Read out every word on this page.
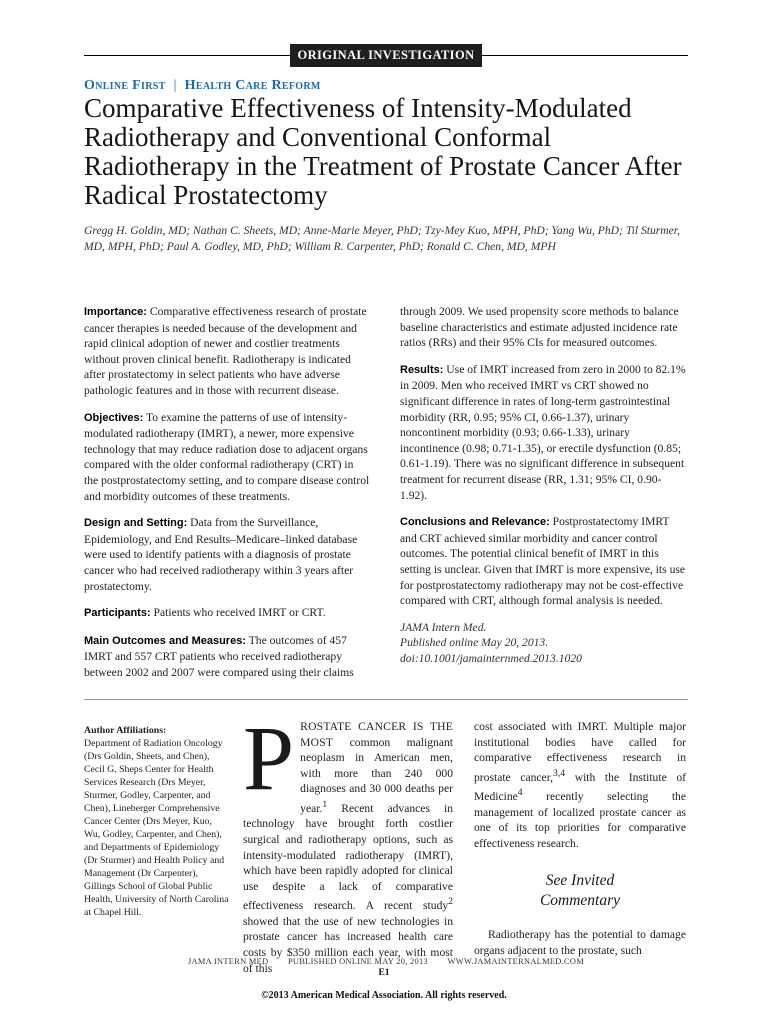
ORIGINAL INVESTIGATION
Online First | Health Care Reform
Comparative Effectiveness of Intensity-Modulated Radiotherapy and Conventional Conformal Radiotherapy in the Treatment of Prostate Cancer After Radical Prostatectomy

Gregg H. Goldin, MD; Nathan C. Sheets, MD; Anne-Marie Meyer, PhD; Tzy-Mey Kuo, MPH, PhD; Yang Wu, PhD; Til Sturmer, MD, MPH, PhD; Paul A. Godley, MD, PhD; William R. Carpenter, PhD; Ronald C. Chen, MD, MPH

Importance: Comparative effectiveness research of prostate cancer therapies is needed because of the development and rapid clinical adoption of newer and costlier treatments without proven clinical benefit. Radiotherapy is indicated after prostatectomy in select patients who have adverse pathologic features and in those with recurrent disease.

Objectives: To examine the patterns of use of intensity-modulated radiotherapy (IMRT), a newer, more expensive technology that may reduce radiation dose to adjacent organs compared with the older conformal radiotherapy (CRT) in the postprostatectomy setting, and to compare disease control and morbidity outcomes of these treatments.

Design and Setting: Data from the Surveillance, Epidemiology, and End Results–Medicare–linked database were used to identify patients with a diagnosis of prostate cancer who had received radiotherapy within 3 years after prostatectomy.

Participants: Patients who received IMRT or CRT.

Main Outcomes and Measures: The outcomes of 457 IMRT and 557 CRT patients who received radiotherapy between 2002 and 2007 were compared using their claims

through 2009. We used propensity score methods to balance baseline characteristics and estimate adjusted incidence rate ratios (RRs) and their 95% CIs for measured outcomes.

Results: Use of IMRT increased from zero in 2000 to 82.1% in 2009. Men who received IMRT vs CRT showed no significant difference in rates of long-term gastrointestinal morbidity (RR, 0.95; 95% CI, 0.66-1.37), urinary noncontinent morbidity (0.93; 0.66-1.33), urinary incontinence (0.98; 0.71-1.35), or erectile dysfunction (0.85; 0.61-1.19). There was no significant difference in subsequent treatment for recurrent disease (RR, 1.31; 95% CI, 0.90-1.92).

Conclusions and Relevance: Postprostatectomy IMRT and CRT achieved similar morbidity and cancer control outcomes. The potential clinical benefit of IMRT in this setting is unclear. Given that IMRT is more expensive, its use for postprostatectomy radiotherapy may not be cost-effective compared with CRT, although formal analysis is needed.

JAMA Intern Med.
Published online May 20, 2013.
doi:10.1001/jamainternmed.2013.1020

Author Affiliations:
Department of Radiation Oncology (Drs Goldin, Sheets, and Chen), Cecil G. Sheps Center for Health Services Research (Drs Meyer, Sturmer, Godley, Carpenter, and Chen), Lineberger Comprehensive Cancer Center (Drs Meyer, Kuo, Wu, Godley, Carpenter, and Chen), and Departments of Epidemiology (Dr Sturmer) and Health Policy and Management (Dr Carpenter), Gillings School of Global Public Health, University of North Carolina at Chapel Hill.
PROSTATE CANCER IS THE MOST common malignant neoplasm in American men, with more than 240 000 diagnoses and 30 000 deaths per year.$^1$ Recent advances in technology have brought forth costlier surgical and radiotherapy options, such as intensity-modulated radiotherapy (IMRT), which have been rapidly adopted for clinical use despite a lack of comparative effectiveness research. A recent study$^2$ showed that the use of new technologies in prostate cancer has increased health care costs by $350 million each year, with most of this

cost associated with IMRT. Multiple major institutional bodies have called for comparative effectiveness research in prostate cancer,$^{3,4}$ with the Institute of Medicine$^4$ recently selecting the management of localized prostate cancer as one of its top priorities for comparative effectiveness research.

See Invited
Commentary

Radiotherapy has the potential to damage organs adjacent to the prostate, such

JAMA INTERN MED PUBLISHED ONLINE MAY 20, 2013 WWW.JAMAINTERNALMED.COM
E1
©2013 American Medical Association. All rights reserved.
